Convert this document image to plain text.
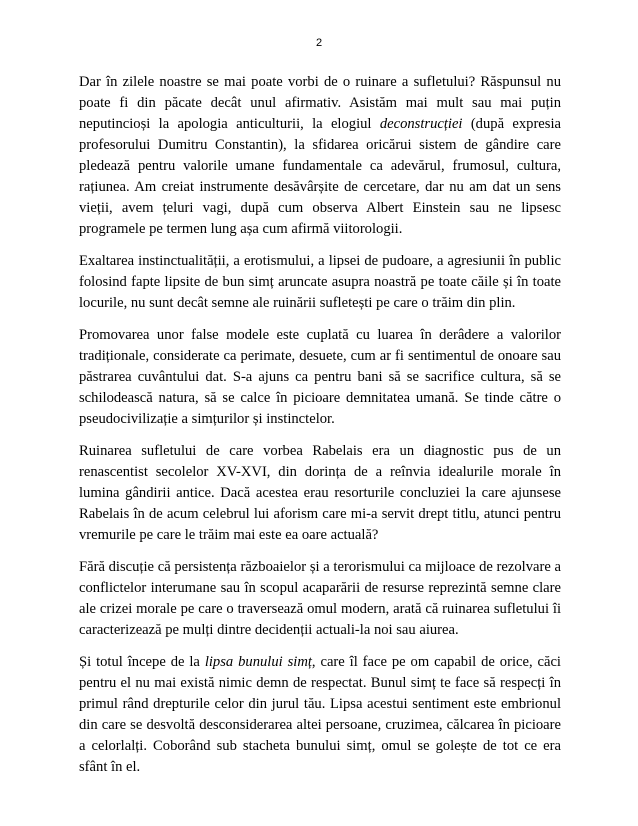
2

Dar în zilele noastre se mai poate vorbi de o ruinare a sufletului? Răspunsul nu poate fi din păcate decât unul afirmativ. Asistăm mai mult sau mai puțin neputincioși la apologia anticulturii, la elogiul deconstrucției (după expresia profesorului Dumitru Constantin), la sfidarea oricărui sistem de gândire care pledează pentru valorile umane fundamentale ca adevărul, frumosul, cultura, rațiunea. Am creiat instrumente desăvârșite de cercetare, dar nu am dat un sens vieții, avem țeluri vagi, după cum observa Albert Einstein sau ne lipsesc programele pe termen lung așa cum afirmă viitorologii.

Exaltarea instinctualității, a erotismului, a lipsei de pudoare, a agresiunii în public folosind fapte lipsite de bun simț aruncate asupra noastră pe toate căile și în toate locurile, nu sunt decât semne ale ruinării sufletești pe care o trăim din plin.

Promovarea unor false modele este cuplată cu luarea în derâdere a valorilor tradiționale, considerate ca perimate, desuete, cum ar fi sentimentul de onoare sau păstrarea cuvântului dat. S-a ajuns ca pentru bani să se sacrifice cultura, să se schilodească natura, să se calce în picioare demnitatea umană. Se tinde către o pseudocivilizație a simțurilor și instinctelor.

Ruinarea sufletului de care vorbea Rabelais era un diagnostic pus de un renascentist secolelor XV-XVI, din dorința de a reînvia idealurile morale în lumina gândirii antice. Dacă acestea erau resorturile concluziei la care ajunsese Rabelais în de acum celebrul lui aforism care mi-a servit drept titlu, atunci pentru vremurile pe care le trăim mai este ea oare actuală?

Fără discuție că persistența războaielor și a terorismului ca mijloace de rezolvare a conflictelor interumane sau în scopul acaparării de resurse reprezintă semne clare ale crizei morale pe care o traversează omul modern, arată că ruinarea sufletului îi caracterizează pe mulți dintre decidenții actuali-la noi sau aiurea.

Și totul începe de la lipsa bunului simț, care îl face pe om capabil de orice, căci pentru el nu mai există nimic demn de respectat. Bunul simț te face să respecți în primul rând drepturile celor din jurul tău. Lipsa acestui sentiment este embrionul din care se desvoltă desconsiderarea altei persoane, cruzimea, călcarea în picioare a celorlalți. Coborând sub stacheta bunului simț, omul se golește de tot ce era sfânt în el.
